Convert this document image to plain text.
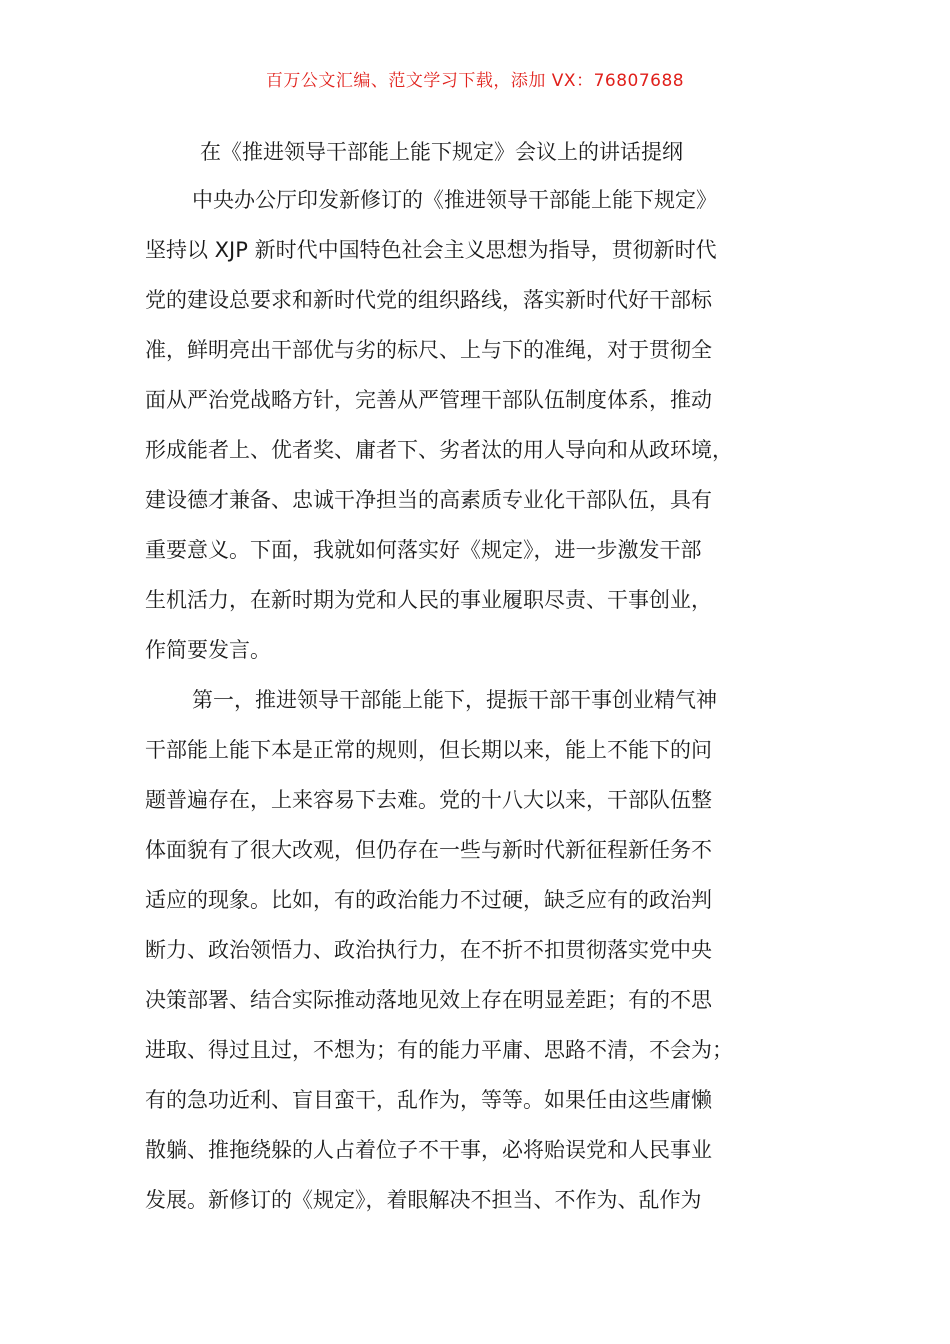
百万公文汇编、范文学习下载，添加 VX：76807688
在《推进领导干部能上能下规定》会议上的讲话提纲
中央办公厅印发新修订的《推进领导干部能上能下规定》
坚持以 XJP 新时代中国特色社会主义思想为指导，贯彻新时代
党的建设总要求和新时代党的组织路线，落实新时代好干部标
准，鲜明亮出干部优与劣的标尺、上与下的准绳，对于贯彻全
面从严治党战略方针，完善从严管理干部队伍制度体系，推动
形成能者上、优者奖、庸者下、劣者汰的用人导向和从政环境，
建设德才兼备、忠诚干净担当的高素质专业化干部队伍，具有
重要意义。下面，我就如何落实好《规定》，进一步激发干部
生机活力，在新时期为党和人民的事业履职尽责、干事创业，
作简要发言。
第一，推进领导干部能上能下，提振干部干事创业精气神
干部能上能下本是正常的规则，但长期以来，能上不能下的问
题普遍存在，上来容易下去难。党的十八大以来，干部队伍整
体面貌有了很大改观，但仍存在一些与新时代新征程新任务不
适应的现象。比如，有的政治能力不过硬，缺乏应有的政治判
断力、政治领悟力、政治执行力，在不折不扣贯彻落实党中央
决策部署、结合实际推动落地见效上存在明显差距；有的不思
进取、得过且过，不想为；有的能力平庸、思路不清，不会为；
有的急功近利、盲目蛮干，乱作为，等等。如果任由这些庸懒
散躺、推拖绕躲的人占着位子不干事，必将贻误党和人民事业
发展。新修订的《规定》，着眼解决不担当、不作为、乱作为
